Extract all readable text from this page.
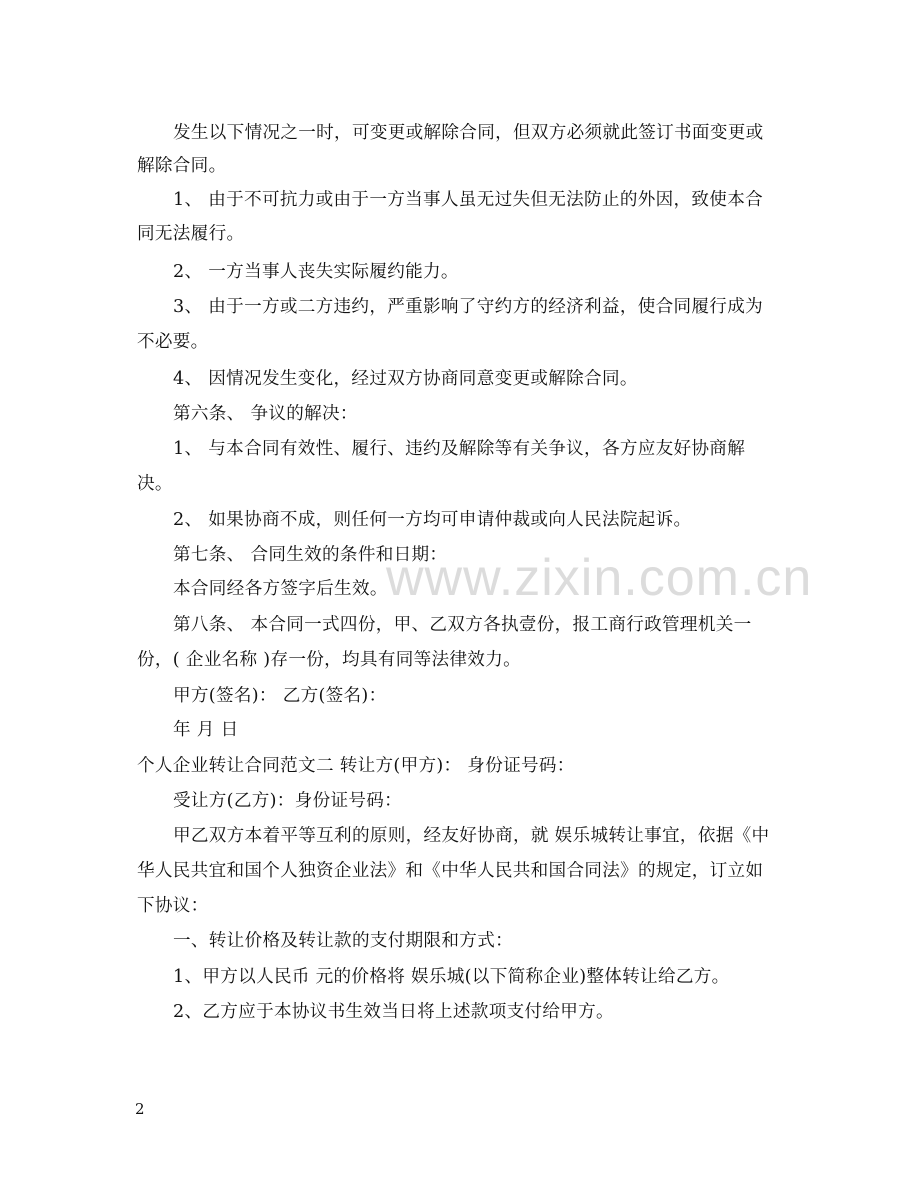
发生以下情况之一时，可变更或解除合同，但双方必须就此签订书面变更或
解除合同。
1、 由于不可抗力或由于一方当事人虽无过失但无法防止的外因，致使本合
同无法履行。
2、 一方当事人丧失实际履约能力。
3、 由于一方或二方违约，严重影响了守约方的经济利益，使合同履行成为
不必要。
4、 因情况发生变化，经过双方协商同意变更或解除合同。
第六条、 争议的解决：
1、 与本合同有效性、履行、违约及解除等有关争议，各方应友好协商解
决。
2、 如果协商不成，则任何一方均可申请仲裁或向人民法院起诉。
第七条、 合同生效的条件和日期：
本合同经各方签字后生效。
第八条、 本合同一式四份，甲、乙双方各执壹份，报工商行政管理机关一
份，( 企业名称 )存一份，均具有同等法律效力。
甲方(签名)： 乙方(签名)：
年 月 日
个人企业转让合同范文二 转让方(甲方)： 身份证号码：
受让方(乙方)：身份证号码：
甲乙双方本着平等互利的原则，经友好协商，就 娱乐城转让事宜，依据《中
华人民共宜和国个人独资企业法》和《中华人民共和国合同法》的规定，订立如
下协议：
一、转让价格及转让款的支付期限和方式：
1、甲方以人民币 元的价格将 娱乐城(以下简称企业)整体转让给乙方。
2、乙方应于本协议书生效当日将上述款项支付给甲方。
www.zixin.com.cn
2
